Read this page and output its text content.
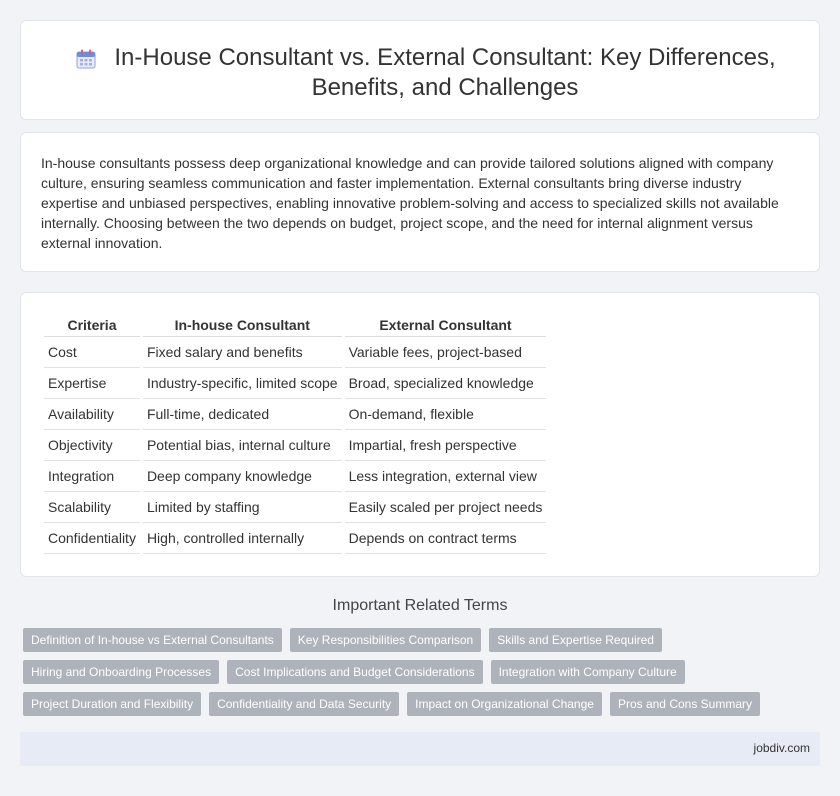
In-House Consultant vs. External Consultant: Key Differences, Benefits, and Challenges

In-house consultants possess deep organizational knowledge and can provide tailored solutions aligned with company culture, ensuring seamless communication and faster implementation. External consultants bring diverse industry expertise and unbiased perspectives, enabling innovative problem-solving and access to specialized skills not available internally. Choosing between the two depends on budget, project scope, and the need for internal alignment versus external innovation.

Criteria	In-house Consultant	External Consultant
Cost	Fixed salary and benefits	Variable fees, project-based
Expertise	Industry-specific, limited scope	Broad, specialized knowledge
Availability	Full-time, dedicated	On-demand, flexible
Objectivity	Potential bias, internal culture	Impartial, fresh perspective
Integration	Deep company knowledge	Less integration, external view
Scalability	Limited by staffing	Easily scaled per project needs
Confidentiality	High, controlled internally	Depends on contract terms
Important Related Terms
Definition of In-house vs External Consultants	Key Responsibilities Comparison	Skills and Expertise Required
Hiring and Onboarding Processes	Cost Implications and Budget Considerations	Integration with Company Culture
Project Duration and Flexibility	Confidentiality and Data Security	Impact on Organizational Change	Pros and Cons Summary
jobdiv.com
